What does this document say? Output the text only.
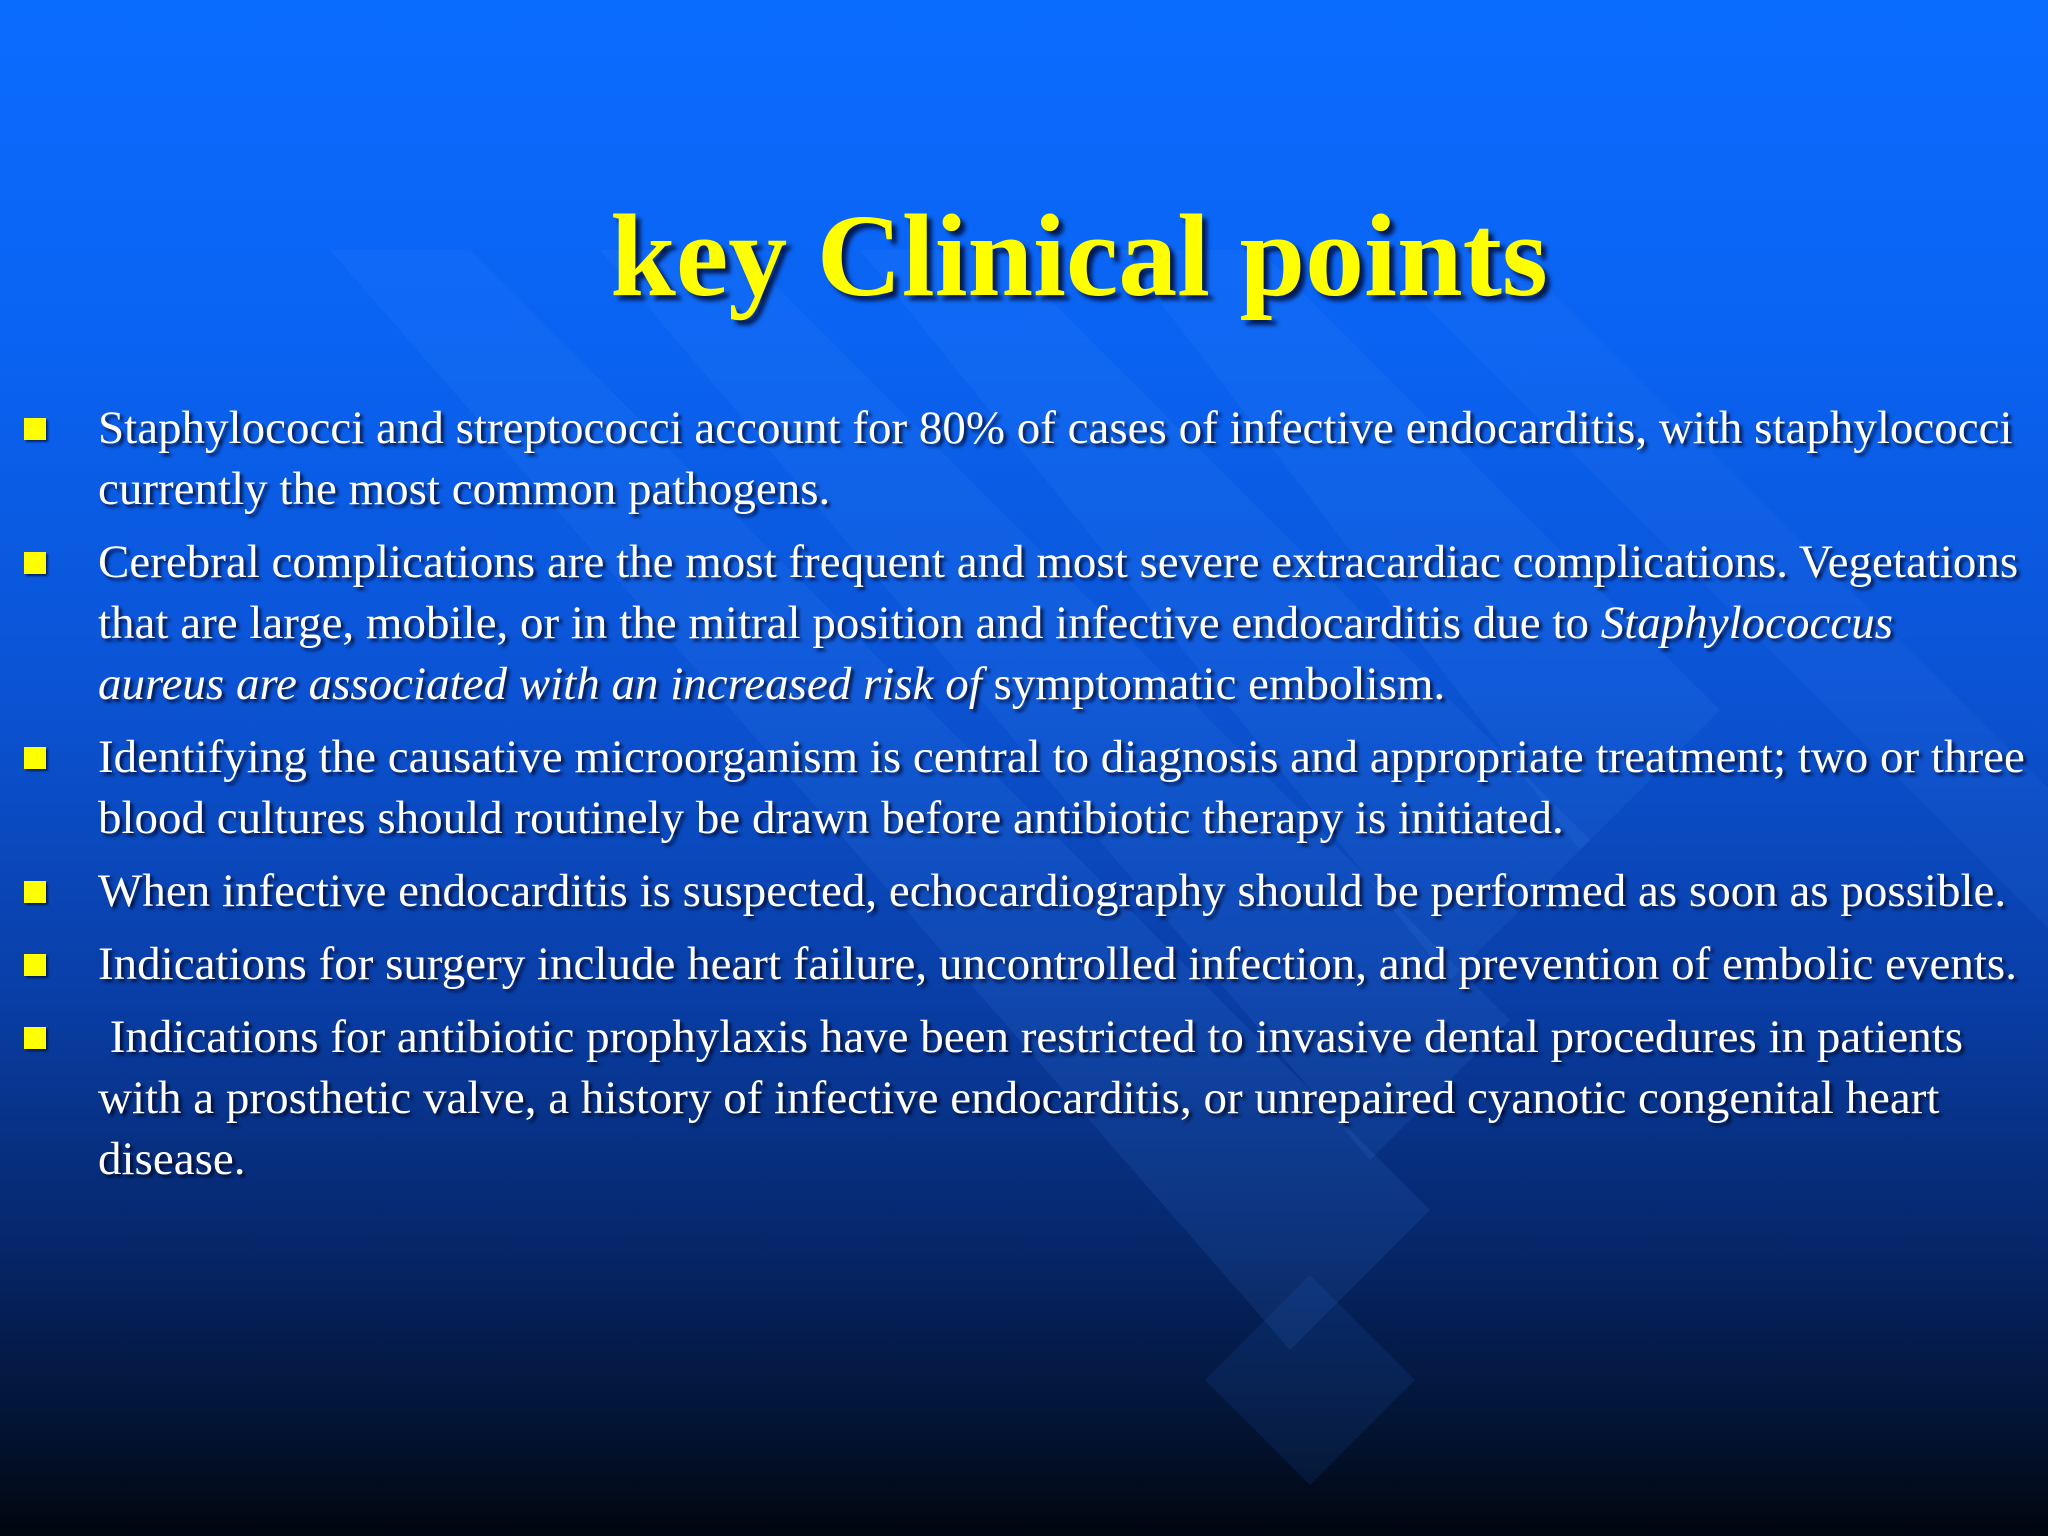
key Clinical points
Staphylococci and streptococci account for 80% of cases of infective endocarditis, with staphylococci currently the most common pathogens.
Cerebral complications are the most frequent and most severe extracardiac complications. Vegetations that are large, mobile, or in the mitral position and infective endocarditis due to Staphylococcus aureus are associated with an increased risk of symptomatic embolism.
Identifying the causative microorganism is central to diagnosis and appropriate treatment; two or three blood cultures should routinely be drawn before antibiotic therapy is initiated.
When infective endocarditis is suspected, echocardiography should be performed as soon as possible.
Indications for surgery include heart failure, uncontrolled infection, and prevention of embolic events.
Indications for antibiotic prophylaxis have been restricted to invasive dental procedures in patients with a prosthetic valve, a history of infective endocarditis, or unrepaired cyanotic congenital heart disease.
